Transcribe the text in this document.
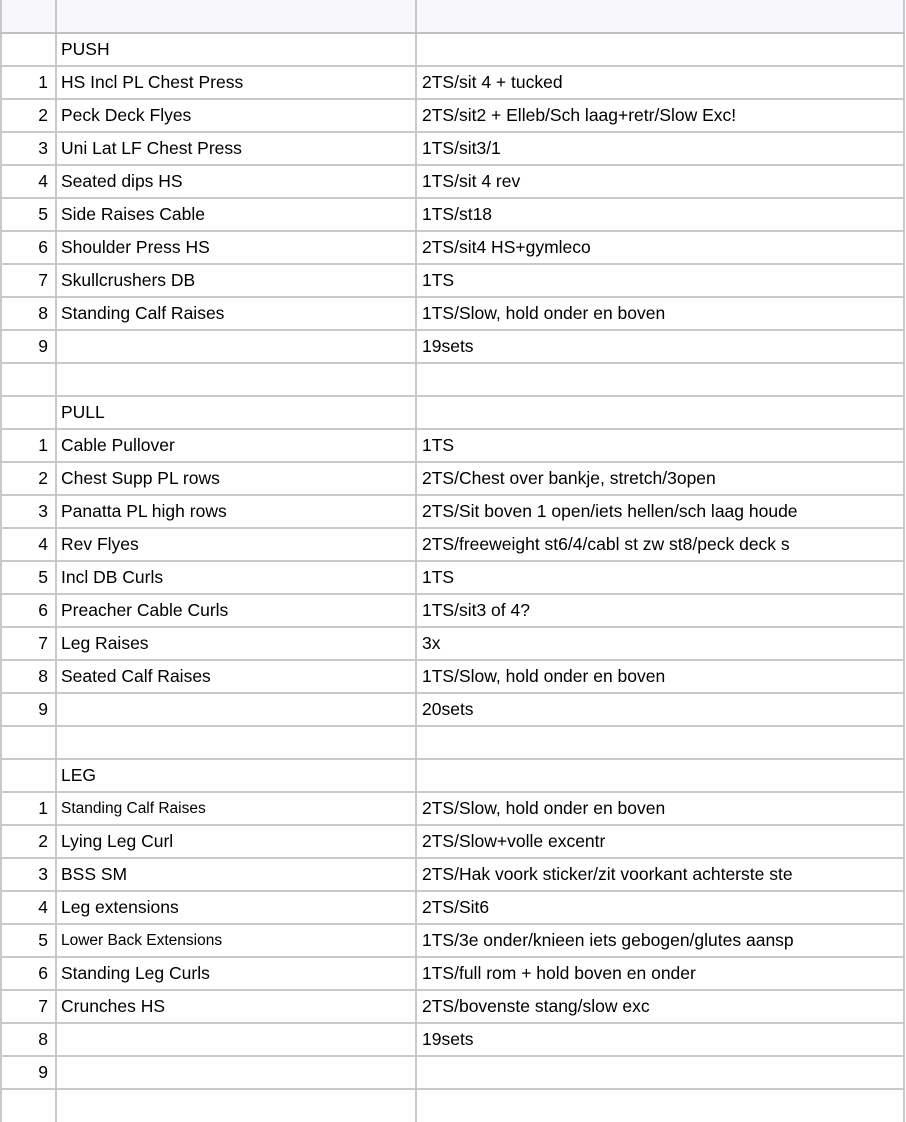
	PUSH	
1	HS Incl PL Chest Press	2TS/sit 4 + tucked
2	Peck Deck Flyes	2TS/sit2 + Elleb/Sch laag+retr/Slow Exc!
3	Uni Lat LF Chest Press	1TS/sit3/1
4	Seated dips HS	1TS/sit 4 rev
5	Side Raises Cable	1TS/st18
6	Shoulder Press HS	2TS/sit4 HS+gymleco
7	Skullcrushers DB	1TS
8	Standing Calf Raises	1TS/Slow, hold onder en boven
9		19sets

	PULL	
1	Cable Pullover	1TS
2	Chest Supp PL rows	2TS/Chest over bankje, stretch/3open
3	Panatta PL high rows	2TS/Sit boven 1 open/iets hellen/sch laag houde
4	Rev Flyes	2TS/freeweight st6/4/cabl st zw st8/peck deck s
5	Incl DB Curls	1TS
6	Preacher Cable Curls	1TS/sit3 of 4?
7	Leg Raises	3x
8	Seated Calf Raises	1TS/Slow, hold onder en boven
9		20sets

	LEG	
1	Standing Calf Raises	2TS/Slow, hold onder en boven
2	Lying Leg Curl	2TS/Slow+volle excentr
3	BSS SM	2TS/Hak voork sticker/zit voorkant achterste ste
4	Leg extensions	2TS/Sit6
5	Lower Back Extensions	1TS/3e onder/knieen iets gebogen/glutes aansp
6	Standing Leg Curls	1TS/full rom + hold boven en onder
7	Crunches HS	2TS/bovenste stang/slow exc
8		19sets
9		
